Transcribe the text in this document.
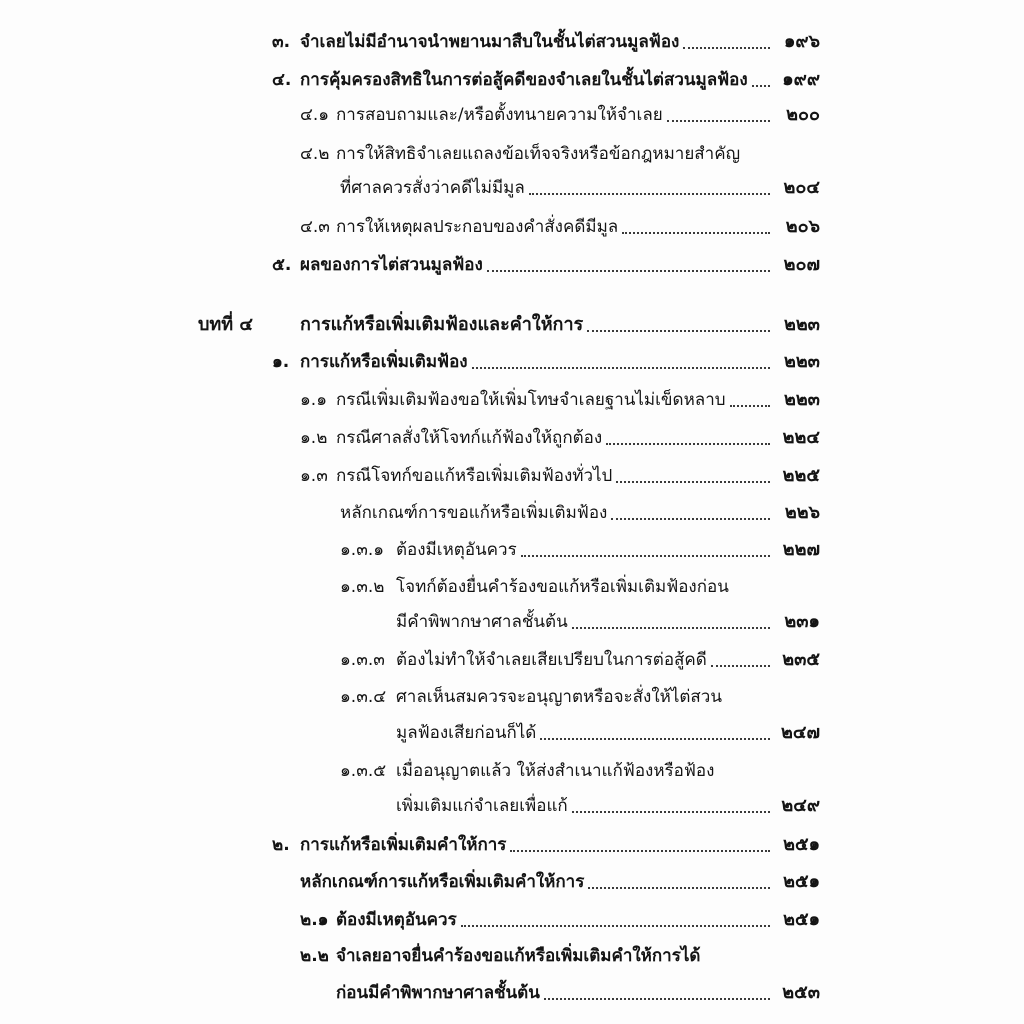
๓. จำเลยไม่มีอำนาจนำพยานมาสืบในชั้นไต่สวนมูลฟ้อง	๑๙๖
๔. การคุ้มครองสิทธิในการต่อสู้คดีของจำเลยในชั้นไต่สวนมูลฟ้อง	๑๙๙
๔.๑ การสอบถามและ/หรือตั้งทนายความให้จำเลย	๒๐๐
๔.๒ การให้สิทธิจำเลยแถลงข้อเท็จจริงหรือข้อกฎหมายสำคัญ
ที่ศาลควรสั่งว่าคดีไม่มีมูล	๒๐๔
๔.๓ การให้เหตุผลประกอบของคำสั่งคดีมีมูล	๒๐๖
๕. ผลของการไต่สวนมูลฟ้อง	๒๐๗
บทที่ ๔	การแก้หรือเพิ่มเติมฟ้องและคำให้การ	๒๒๓
๑. การแก้หรือเพิ่มเติมฟ้อง	๒๒๓
๑.๑ กรณีเพิ่มเติมฟ้องขอให้เพิ่มโทษจำเลยฐานไม่เข็ดหลาบ	๒๒๓
๑.๒ กรณีศาลสั่งให้โจทก์แก้ฟ้องให้ถูกต้อง	๒๒๔
๑.๓ กรณีโจทก์ขอแก้หรือเพิ่มเติมฟ้องทั่วไป	๒๒๕
หลักเกณฑ์การขอแก้หรือเพิ่มเติมฟ้อง	๒๒๖
๑.๓.๑ ต้องมีเหตุอันควร	๒๒๗
๑.๓.๒ โจทก์ต้องยื่นคำร้องขอแก้หรือเพิ่มเติมฟ้องก่อน
มีคำพิพากษาศาลชั้นต้น	๒๓๑
๑.๓.๓ ต้องไม่ทำให้จำเลยเสียเปรียบในการต่อสู้คดี	๒๓๕
๑.๓.๔ ศาลเห็นสมควรจะอนุญาตหรือจะสั่งให้ไต่สวน
มูลฟ้องเสียก่อนก็ได้	๒๔๗
๑.๓.๕ เมื่ออนุญาตแล้ว ให้ส่งสำเนาแก้ฟ้องหรือฟ้อง
เพิ่มเติมแก่จำเลยเพื่อแก้	๒๔๙
๒. การแก้หรือเพิ่มเติมคำให้การ	๒๕๑
หลักเกณฑ์การแก้หรือเพิ่มเติมคำให้การ	๒๕๑
๒.๑ ต้องมีเหตุอันควร	๒๕๑
๒.๒ จำเลยอาจยื่นคำร้องขอแก้หรือเพิ่มเติมคำให้การได้
ก่อนมีคำพิพากษาศาลชั้นต้น	๒๕๓
